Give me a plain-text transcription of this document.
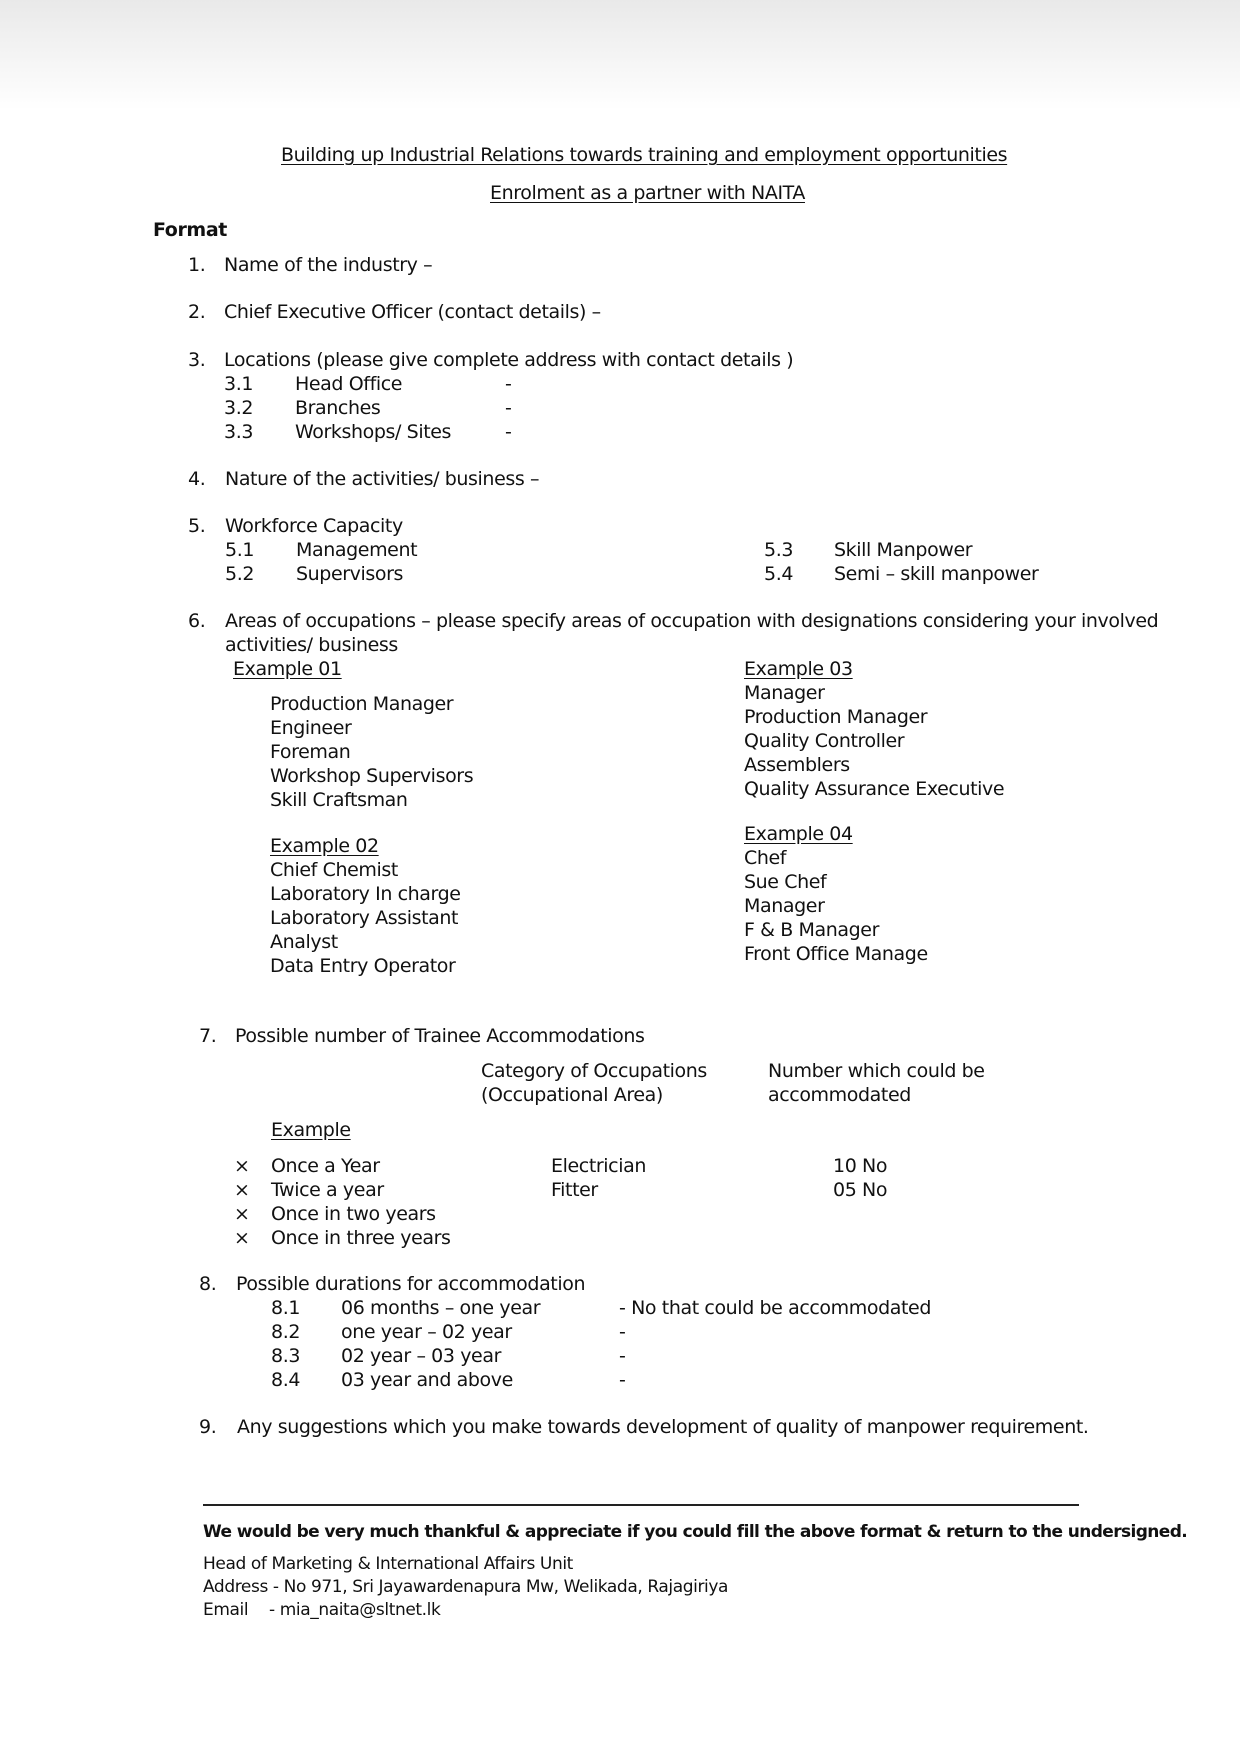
Building up Industrial Relations towards training and employment opportunities
Enrolment as a partner with NAITA
Format
1. Name of the industry –
2. Chief Executive Officer (contact details) –
3. Locations (please give complete address with contact details )
3.1 Head Office	-
3.2 Branches	-
3.3 Workshops/ Sites	-
4. Nature of the activities/ business –
5. Workforce Capacity
5.1 Management
5.2 Supervisors
5.3 Skill Manpower
5.4 Semi – skill manpower
6. Areas of occupations – please specify areas of occupation with designations considering your involved
activities/ business
Example 01
Production Manager
Engineer
Foreman
Workshop Supervisors
Skill Craftsman
Example 02
Chief Chemist
Laboratory In charge
Laboratory Assistant
Analyst
Data Entry Operator
Example 03
Manager
Production Manager
Quality Controller
Assemblers
Quality Assurance Executive
Example 04
Chef
Sue Chef
Manager
F & B Manager
Front Office Manage
7. Possible number of Trainee Accommodations
Category of Occupations
(Occupational Area)
Number which could be
accommodated
Example
× Once a Year	Electrician	10 No
× Twice a year	Fitter	05 No
× Once in two years
× Once in three years
8. Possible durations for accommodation
8.1 06 months – one year	- No that could be accommodated
8.2 one year – 02 year	-
8.3 02 year – 03 year	-
8.4 03 year and above	-
9. Any suggestions which you make towards development of quality of manpower requirement.
We would be very much thankful & appreciate if you could fill the above format & return to the undersigned.
Head of Marketing & International Affairs Unit
Address - No 971, Sri Jayawardenapura Mw, Welikada, Rajagiriya
Email - mia_naita@sltnet.lk
